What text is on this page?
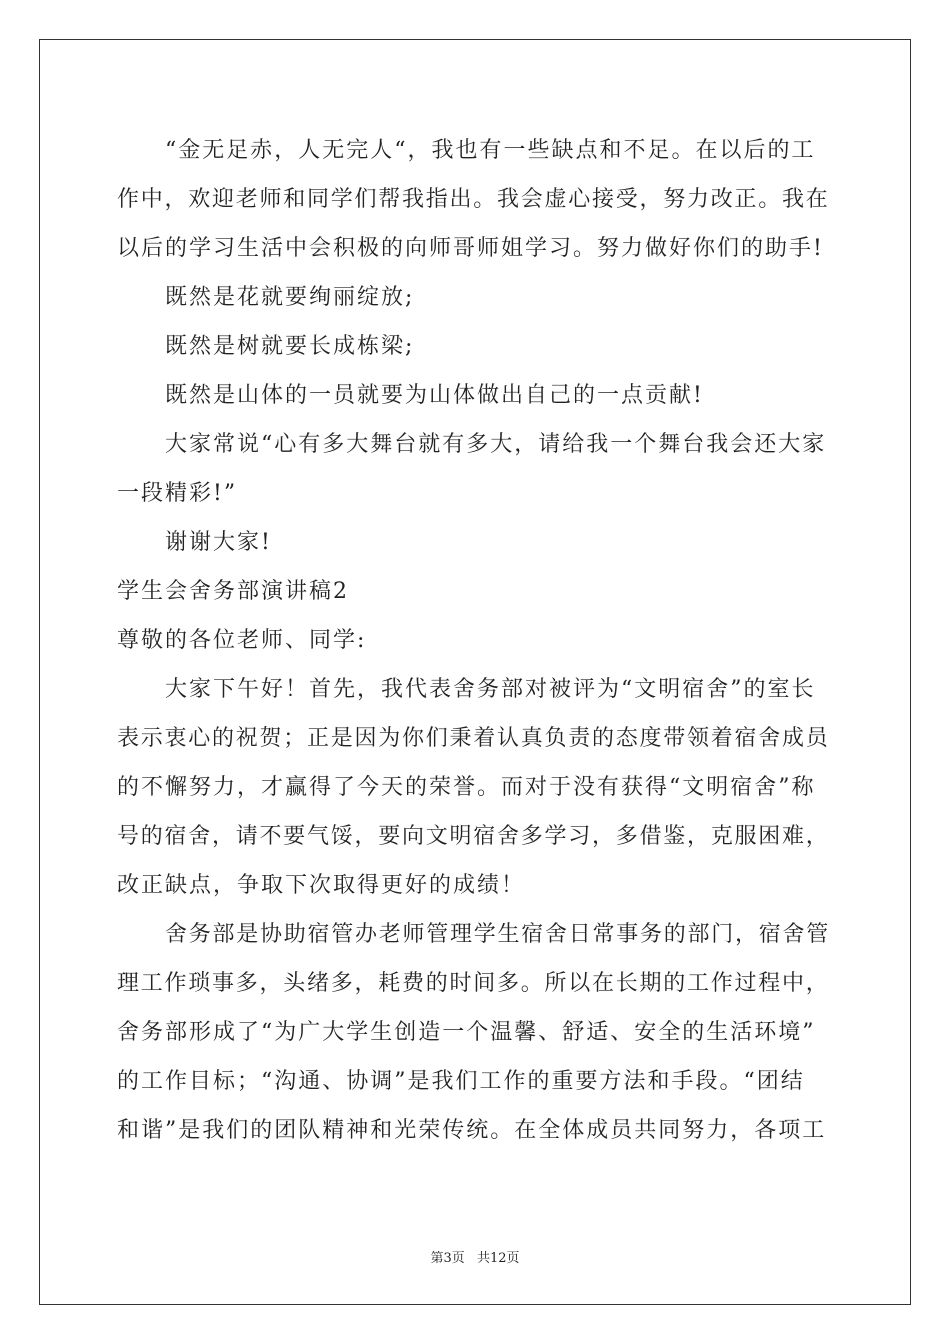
“金无足赤，人无完人“，我也有一些缺点和不足。在以后的工
作中，欢迎老师和同学们帮我指出。我会虚心接受，努力改正。我在
以后的学习生活中会积极的向师哥师姐学习。努力做好你们的助手!
既然是花就要绚丽绽放;
既然是树就要长成栋梁;
既然是山体的一员就要为山体做出自己的一点贡献!
大家常说“心有多大舞台就有多大，请给我一个舞台我会还大家
一段精彩!”
谢谢大家!
学生会舍务部演讲稿2
尊敬的各位老师、同学:
大家下午好！首先，我代表舍务部对被评为“文明宿舍”的室长
表示衷心的祝贺；正是因为你们秉着认真负责的态度带领着宿舍成员
的不懈努力，才赢得了今天的荣誉。而对于没有获得“文明宿舍”称
号的宿舍，请不要气馁，要向文明宿舍多学习，多借鉴，克服困难，
改正缺点，争取下次取得更好的成绩！
舍务部是协助宿管办老师管理学生宿舍日常事务的部门，宿舍管
理工作琐事多，头绪多，耗费的时间多。所以在长期的工作过程中，
舍务部形成了“为广大学生创造一个温馨、舒适、安全的生活环境”
的工作目标；“沟通、协调”是我们工作的重要方法和手段。“团结
和谐”是我们的团队精神和光荣传统。在全体成员共同努力，各项工
第3页 共12页
